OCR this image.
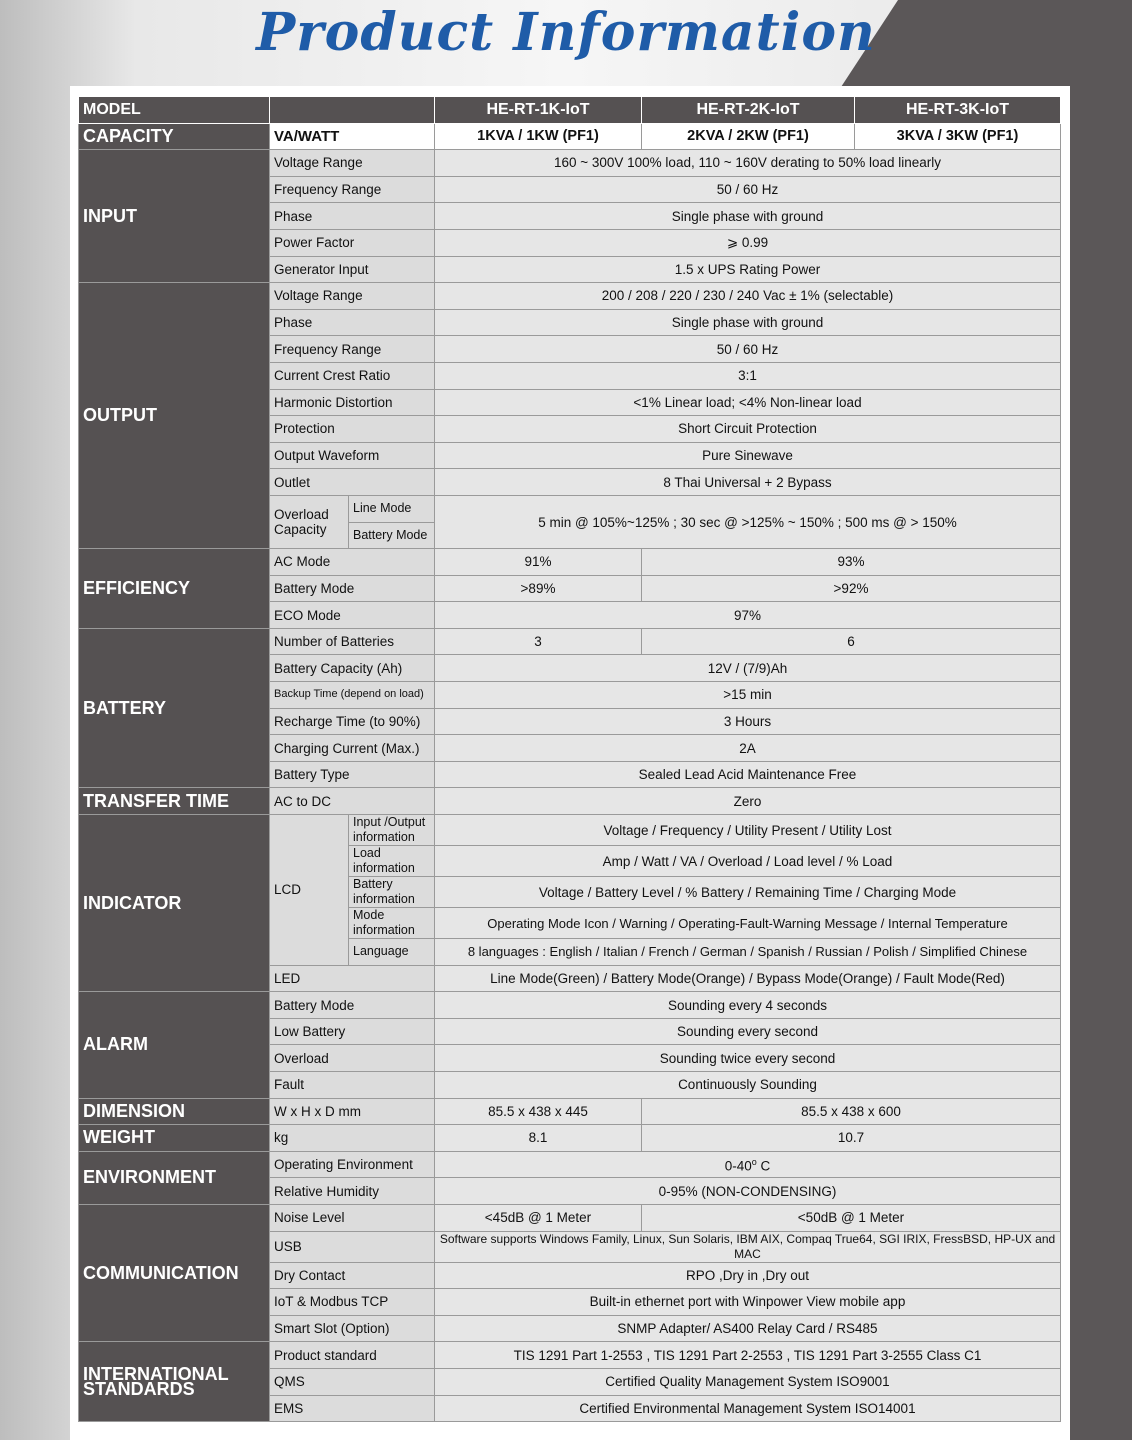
Product Information
MODEL			HE-RT-1K-IoT	HE-RT-2K-IoT	HE-RT-3K-IoT
CAPACITY	VA/WATT		1KVA / 1KW (PF1)	2KVA / 2KW (PF1)	3KVA / 3KW (PF1)
INPUT	Voltage Range		160 ~ 300V 100% load, 110 ~ 160V derating to 50% load linearly		
	Frequency Range		50 / 60 Hz		
	Phase		Single phase with ground		
	Power Factor		⩾ 0.99		
	Generator Input		1.5 x UPS Rating Power		
OUTPUT	Voltage Range		200 / 208 / 220 / 230 / 240 Vac ± 1% (selectable)		
	Phase		Single phase with ground		
	Frequency Range		50 / 60 Hz		
	Current Crest Ratio		3:1		
	Harmonic Distortion		<1% Linear load; <4% Non-linear load		
	Protection		Short Circuit Protection		
	Output Waveform		Pure Sinewave		
	Outlet		8 Thai Universal + 2 Bypass		
	Overload Capacity	Line Mode	5 min @ 105%~125% ; 30 sec @ >125% ~ 150% ; 500 ms @ > 150%		
		Battery Mode			
EFFICIENCY	AC Mode		91%	93%	
	Battery Mode		>89%	>92%	
	ECO Mode		97%		
BATTERY	Number of Batteries		3	6	
	Battery Capacity (Ah)		12V / (7/9)Ah		
	Backup Time (depend on load)		>15 min		
	Recharge Time (to 90%)		3 Hours		
	Charging Current (Max.)		2A		
	Battery Type		Sealed Lead Acid Maintenance Free		
TRANSFER TIME	AC to DC		Zero		
INDICATOR	LCD	Input /Output information	Voltage / Frequency / Utility Present / Utility Lost		
		Load information	Amp / Watt / VA / Overload / Load level / % Load		
		Battery information	Voltage / Battery Level / % Battery / Remaining Time / Charging Mode		
		Mode information	Operating Mode Icon / Warning / Operating-Fault-Warning Message / Internal Temperature		
		Language	8 languages : English / Italian / French / German / Spanish / Russian / Polish / Simplified Chinese		
	LED		Line Mode(Green) / Battery Mode(Orange) / Bypass Mode(Orange) / Fault Mode(Red)		
ALARM	Battery Mode		Sounding every 4 seconds		
	Low Battery		Sounding every second		
	Overload		Sounding twice every second		
	Fault		Continuously Sounding		
DIMENSION	W x H x D mm		85.5 x 438 x 445	85.5 x 438 x 600	
WEIGHT	kg		8.1	10.7	
ENVIRONMENT	Operating Environment		0-40$^o$ C		
	Relative Humidity		0-95% (NON-CONDENSING)		
COMMUNICATION	Noise Level		<45dB @ 1 Meter	<50dB @ 1 Meter	
	USB		Software supports Windows Family, Linux, Sun Solaris, IBM AIX, Compaq True64, SGI IRIX, FressBSD, HP-UX and MAC		
	Dry Contact		RPO ,Dry in ,Dry out		
	IoT & Modbus TCP		Built-in ethernet port with Winpower View mobile app		
	Smart Slot (Option)		SNMP Adapter/ AS400 Relay Card / RS485		
INTERNATIONAL STANDARDS	Product standard		TIS 1291 Part 1-2553 , TIS 1291 Part 2-2553 , TIS 1291 Part 3-2555 Class C1		
	QMS		Certified Quality Management System ISO9001		
	EMS		Certified Environmental Management System ISO14001		
